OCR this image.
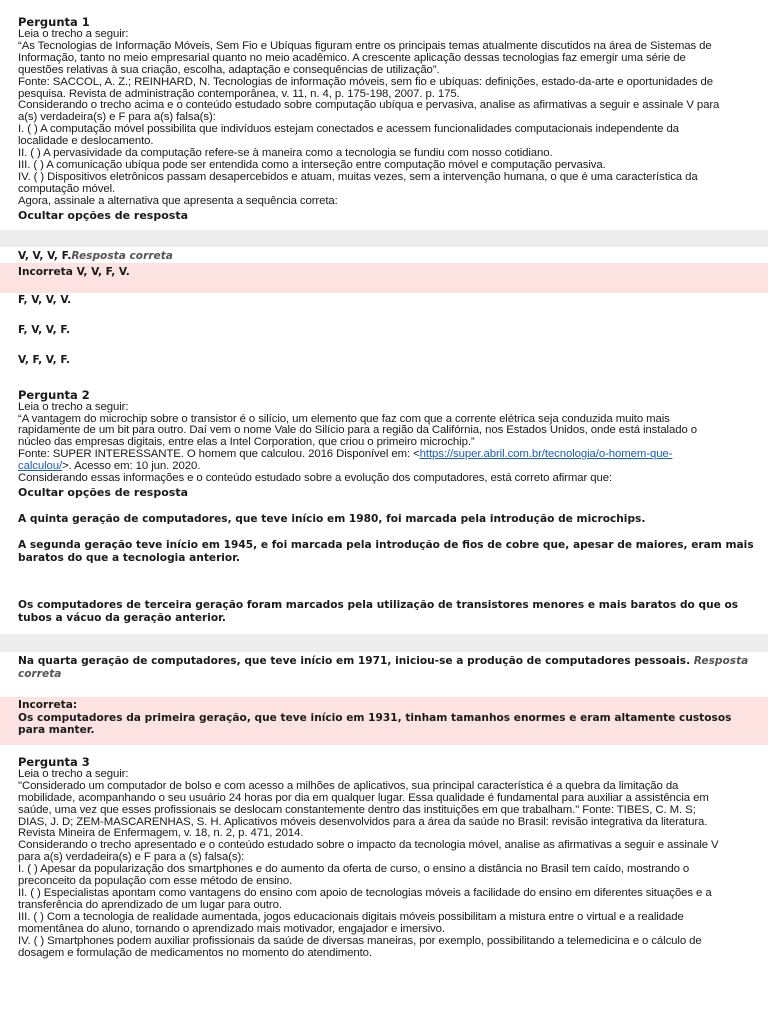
Pergunta 1

Leia o trecho a seguir:

“As Tecnologias de Informação Móveis, Sem Fio e Ubíquas figuram entre os principais temas atualmente discutidos na área de Sistemas de

Informação, tanto no meio empresarial quanto no meio acadêmico. A crescente aplicação dessas tecnologias faz emergir uma série de

questões relativas à sua criação, escolha, adaptação e consequências de utilização”.

Fonte: SACCOL, A. Z.; REINHARD, N. Tecnologias de informação móveis, sem fio e ubíquas: definições, estado-da-arte e oportunidades de

pesquisa. Revista de administração contemporânea, v. 11, n. 4, p. 175-198, 2007. p. 175.

Considerando o trecho acima e o conteúdo estudado sobre computação ubíqua e pervasiva, analise as afirmativas a seguir e assinale V para

a(s) verdadeira(s) e F para a(s) falsa(s):

I. ( ) A computação móvel possibilita que indivíduos estejam conectados e acessem funcionalidades computacionais independente da

localidade e deslocamento.

II. ( ) A pervasividade da computação refere-se à maneira como a tecnologia se fundiu com nosso cotidiano.

III. ( ) A comunicação ubíqua pode ser entendida como a interseção entre computação móvel e computação pervasiva.

IV. ( ) Dispositivos eletrônicos passam desapercebidos e atuam, muitas vezes, sem a intervenção humana, o que é uma característica da

computação móvel.

Agora, assinale a alternativa que apresenta a sequência correta:

Ocultar opções de resposta
V, V, V, F.Resposta correta
Incorreta V, V, F, V.
F, V, V, V.
F, V, V, F.
V, F, V, F.
Pergunta 2

Leia o trecho a seguir:

“A vantagem do microchip sobre o transistor é o silício, um elemento que faz com que a corrente elétrica seja conduzida muito mais

rapidamente de um bit para outro. Daí vem o nome Vale do Silício para a região da Califórnia, nos Estados Unidos, onde está instalado o

núcleo das empresas digitais, entre elas a Intel Corporation, que criou o primeiro microchip.”

Fonte: SUPER INTERESSANTE. O homem que calculou. 2016 Disponível em: <https://super.abril.com.br/tecnologia/o-homem-que-

calculou/>. Acesso em: 10 jun. 2020.

Considerando essas informações e o conteúdo estudado sobre a evolução dos computadores, está correto afirmar que:

Ocultar opções de resposta
A quinta geração de computadores, que teve início em 1980, foi marcada pela introdução de microchips.
A segunda geração teve início em 1945, e foi marcada pela introdução de fios de cobre que, apesar de maiores, eram mais baratos do que a tecnologia anterior.
Os computadores de terceira geração foram marcados pela utilização de transistores menores e mais baratos do que os tubos a vácuo da geração anterior.
Na quarta geração de computadores, que teve início em 1971, iniciou-se a produção de computadores pessoais. Resposta correta
Incorreta:
Os computadores da primeira geração, que teve início em 1931, tinham tamanhos enormes e eram altamente custosos para manter.
Pergunta 3

Leia o trecho a seguir:

"Considerado um computador de bolso e com acesso a milhões de aplicativos, sua principal característica é a quebra da limitação da

mobilidade, acompanhando o seu usuário 24 horas por dia em qualquer lugar. Essa qualidade é fundamental para auxiliar a assistência em

saúde, uma vez que esses profissionais se deslocam constantemente dentro das instituições em que trabalham." Fonte: TIBES, C. M. S;

DIAS, J. D; ZEM-MASCARENHAS, S. H. Aplicativos móveis desenvolvidos para a área da saúde no Brasil: revisão integrativa da literatura.

Revista Mineira de Enfermagem, v. 18, n. 2, p. 471, 2014.

Considerando o trecho apresentado e o conteúdo estudado sobre o impacto da tecnologia móvel, analise as afirmativas a seguir e assinale V

para a(s) verdadeira(s) e F para a (s) falsa(s):

I. ( ) Apesar da popularização dos smartphones e do aumento da oferta de curso, o ensino a distância no Brasil tem caído, mostrando o

preconceito da população com esse método de ensino.

II. ( ) Especialistas apontam como vantagens do ensino com apoio de tecnologias móveis a facilidade do ensino em diferentes situações e a

transferência do aprendizado de um lugar para outro.

III. ( ) Com a tecnologia de realidade aumentada, jogos educacionais digitais móveis possibilitam a mistura entre o virtual e a realidade

momentânea do aluno, tornando o aprendizado mais motivador, engajador e imersivo.

IV. ( ) Smartphones podem auxiliar profissionais da saúde de diversas maneiras, por exemplo, possibilitando a telemedicina e o cálculo de

dosagem e formulação de medicamentos no momento do atendimento.
